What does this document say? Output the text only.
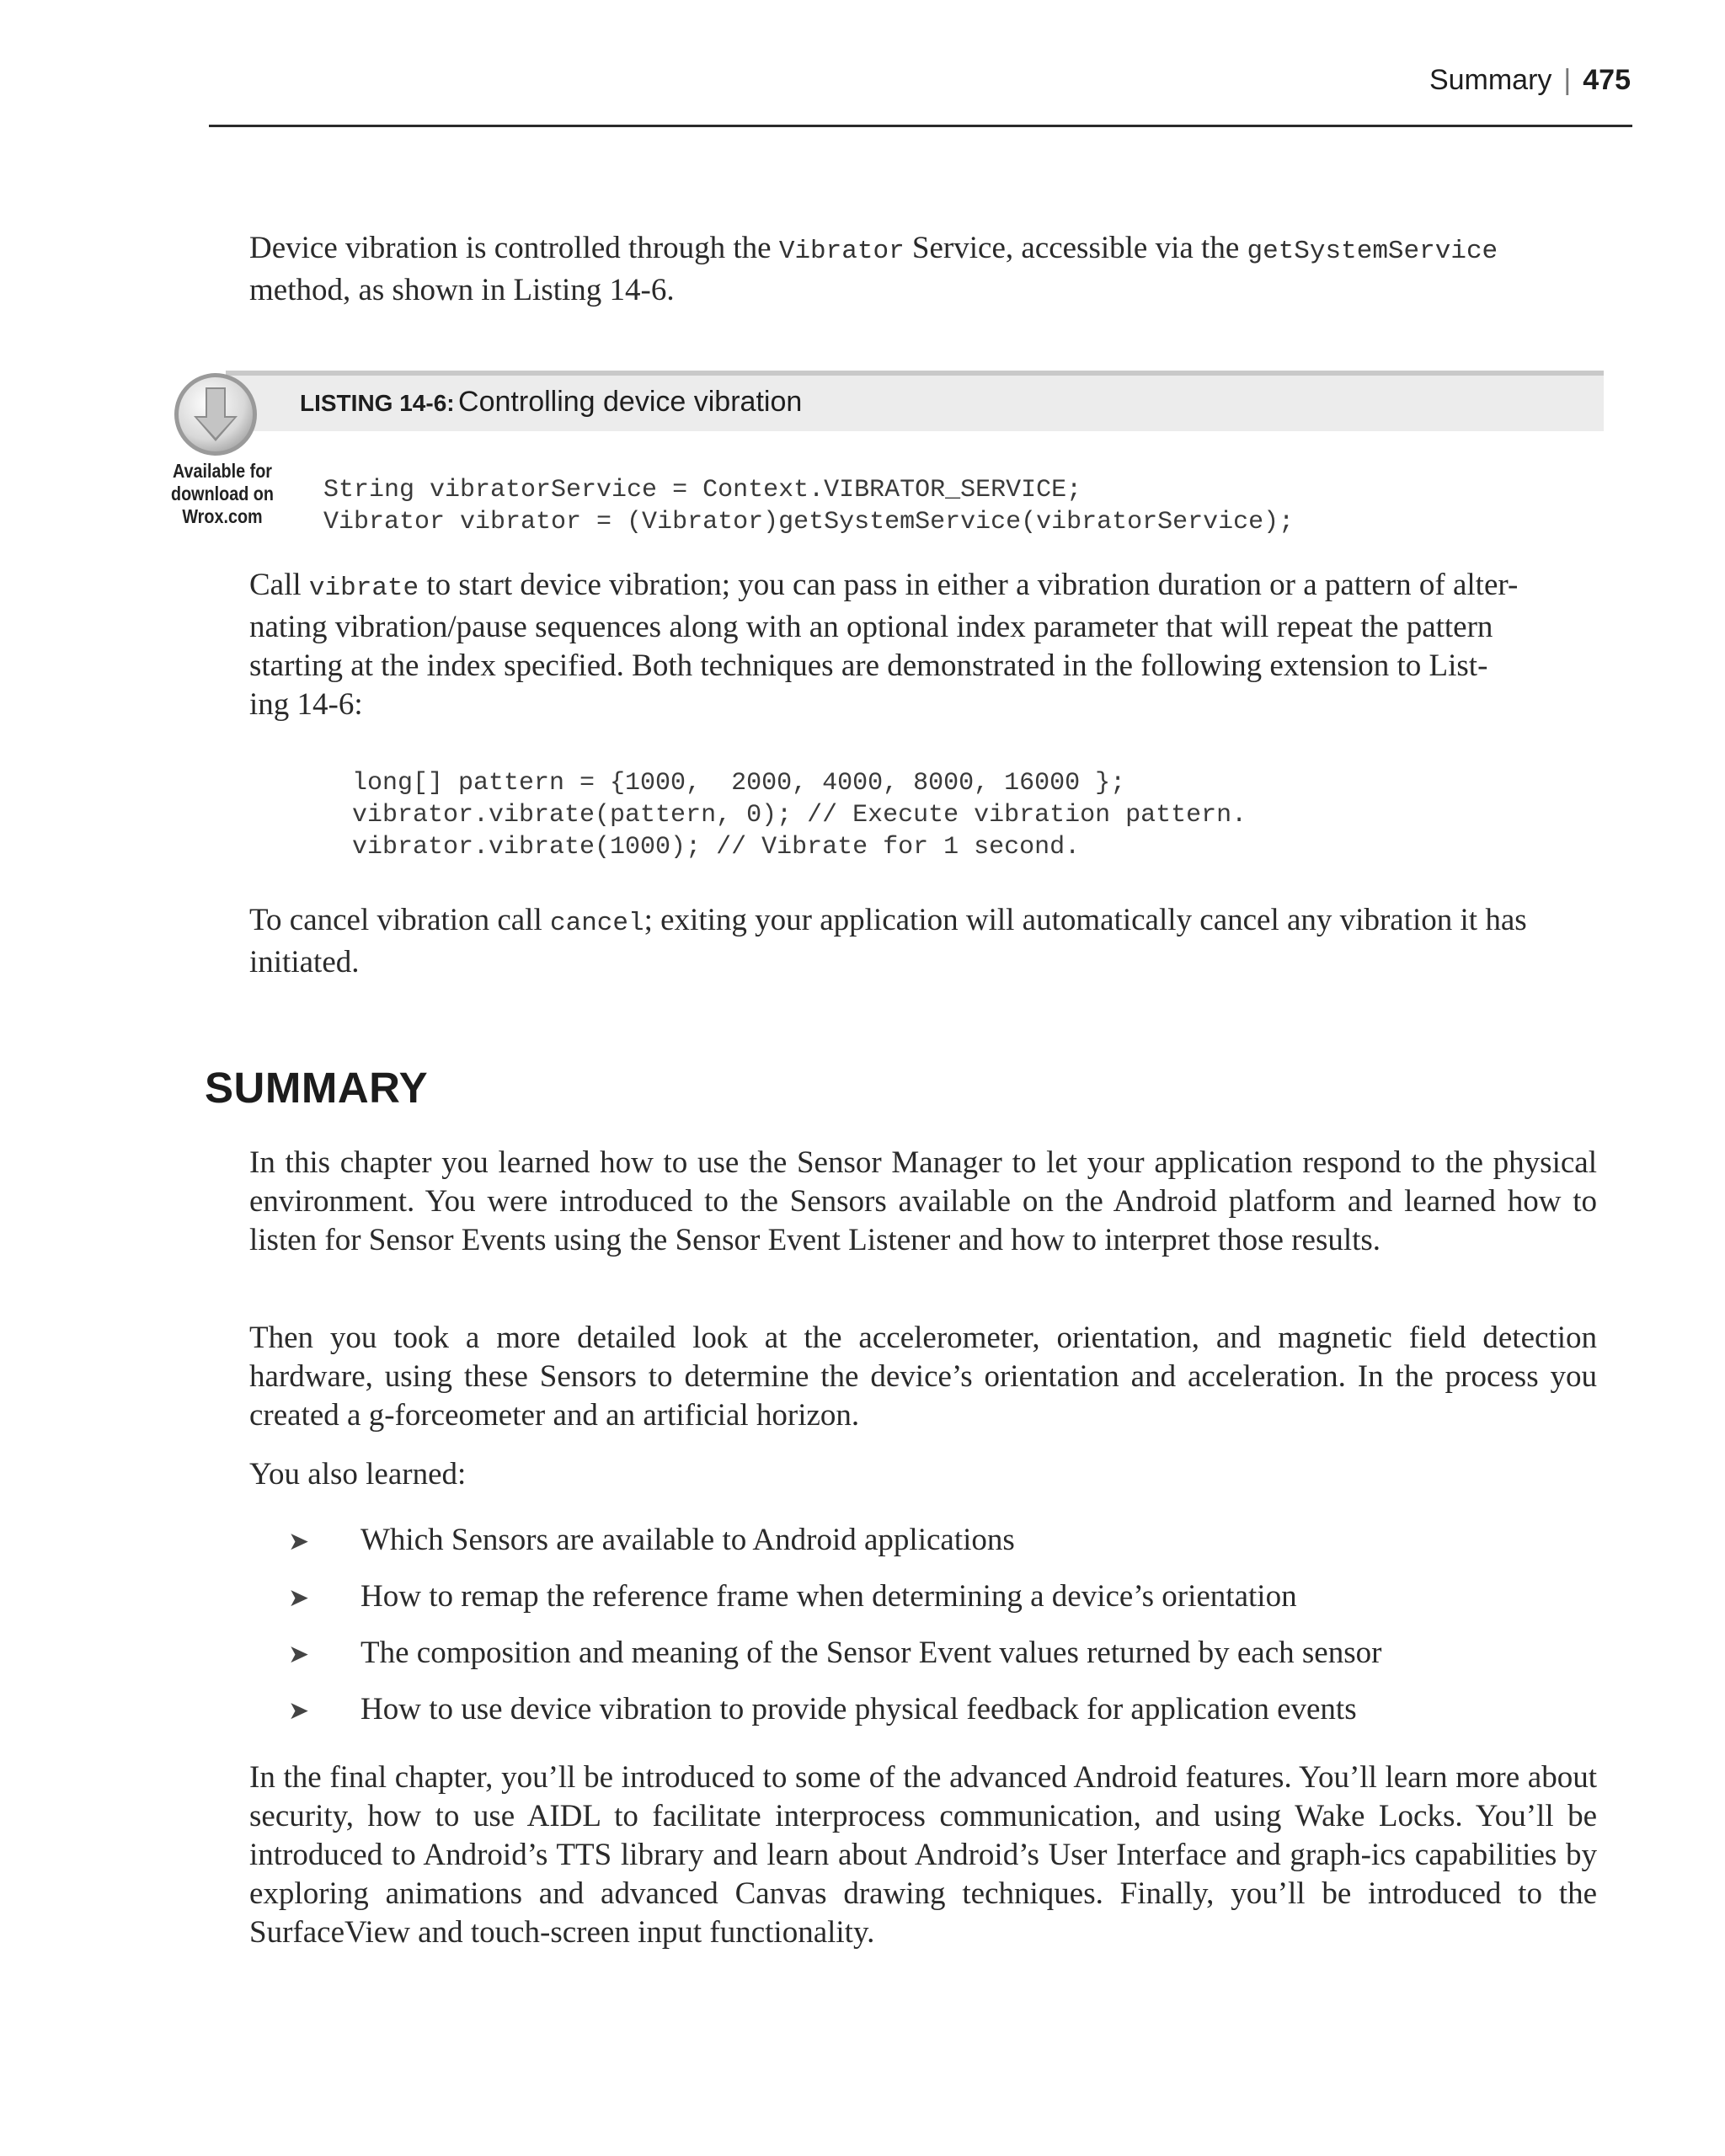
Summary | 475
Device vibration is controlled through the Vibrator Service, accessible via the getSystemService
method, as shown in Listing 14-6.
LISTING 14-6: Controlling device vibration
Available for
download on
Wrox.com
String vibratorService = Context.VIBRATOR_SERVICE;
Vibrator vibrator = (Vibrator)getSystemService(vibratorService);
Call vibrate to start device vibration; you can pass in either a vibration duration or a pattern of alter-
nating vibration/pause sequences along with an optional index parameter that will repeat the pattern
starting at the index specified. Both techniques are demonstrated in the following extension to List-
ing 14-6:
long[] pattern = {1000,  2000, 4000, 8000, 16000 };
vibrator.vibrate(pattern, 0); // Execute vibration pattern.
vibrator.vibrate(1000); // Vibrate for 1 second.
To cancel vibration call cancel; exiting your application will automatically cancel any vibration it has
initiated.
SUMMARY
In this chapter you learned how to use the Sensor Manager to let your application respond to the physical environment. You were introduced to the Sensors available on the Android platform and learned how to listen for Sensor Events using the Sensor Event Listener and how to interpret those results.
Then you took a more detailed look at the accelerometer, orientation, and magnetic field detection hardware, using these Sensors to determine the device’s orientation and acceleration. In the process you created a g-forceometer and an artificial horizon.
You also learned:
➤ Which Sensors are available to Android applications
➤ How to remap the reference frame when determining a device’s orientation
➤ The composition and meaning of the Sensor Event values returned by each sensor
➤ How to use device vibration to provide physical feedback for application events
In the final chapter, you’ll be introduced to some of the advanced Android features. You’ll learn more about security, how to use AIDL to facilitate interprocess communication, and using Wake Locks. You’ll be introduced to Android’s TTS library and learn about Android’s User Interface and graph-ics capabilities by exploring animations and advanced Canvas drawing techniques. Finally, you’ll be introduced to the SurfaceView and touch-screen input functionality.
